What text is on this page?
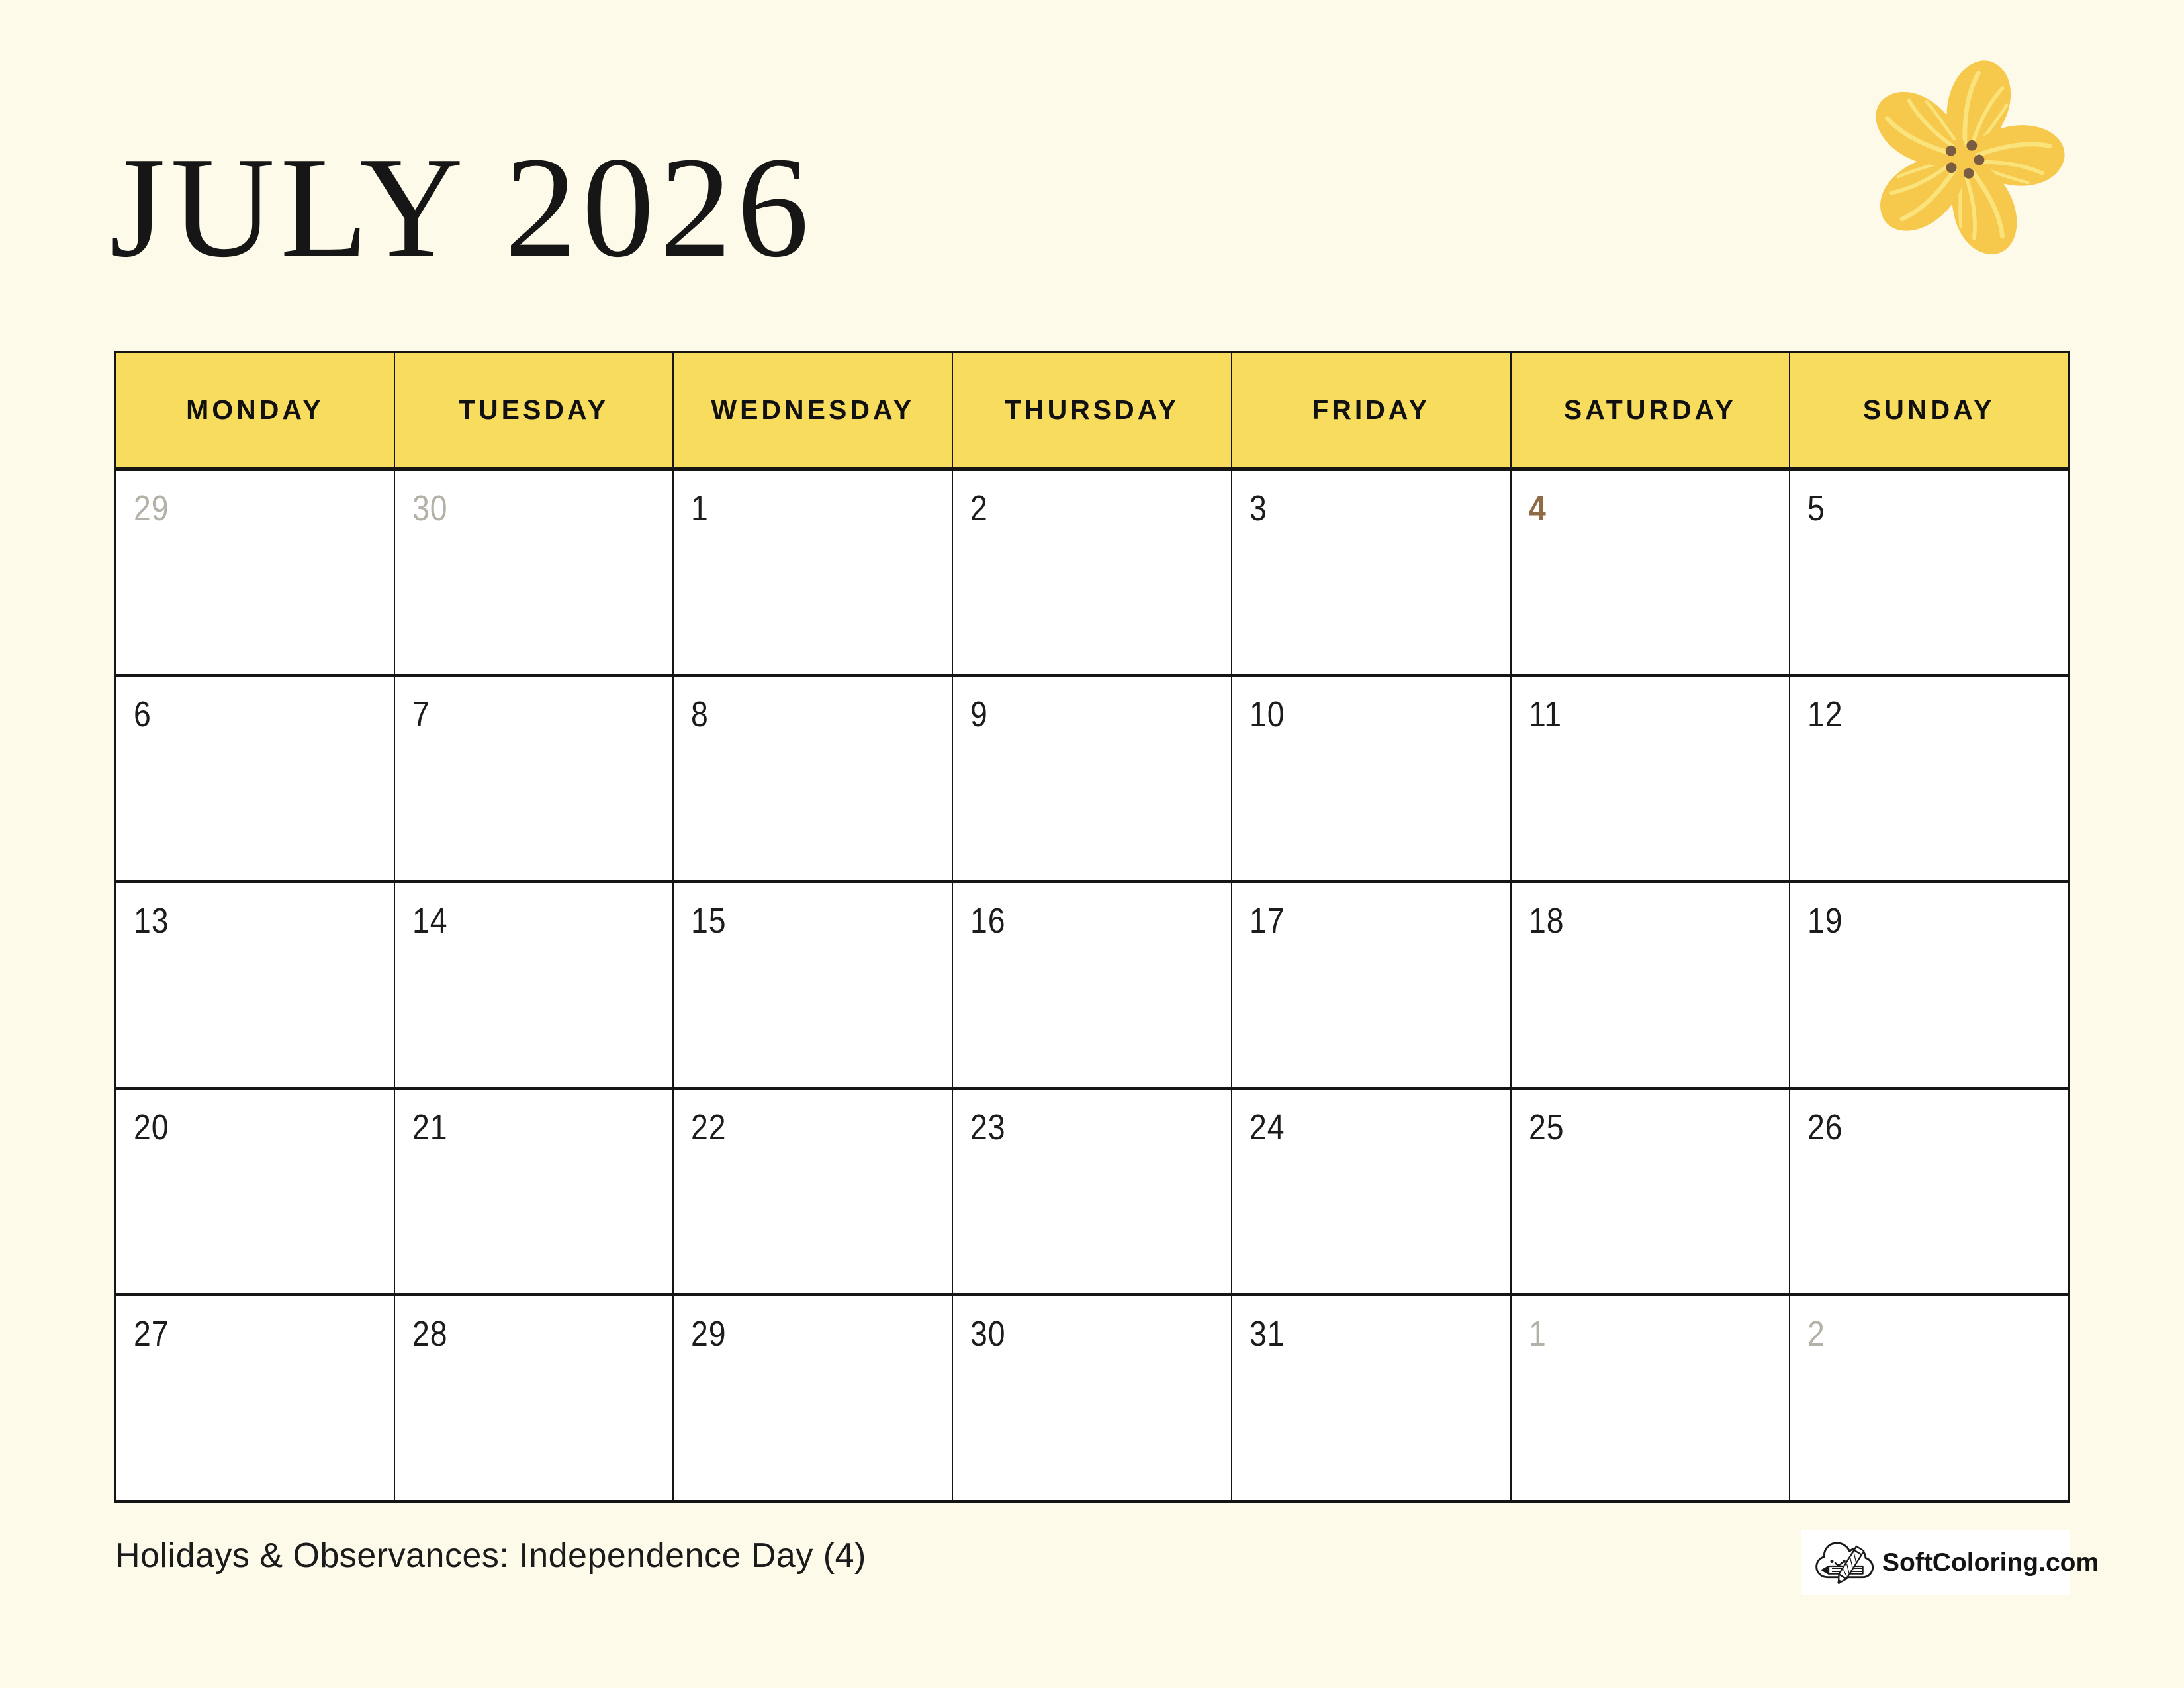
JULY 2026
MONDAY	TUESDAY	WEDNESDAY	THURSDAY	FRIDAY	SATURDAY	SUNDAY
29	30	1	2	3	4	5
6	7	8	9	10	11	12
13	14	15	16	17	18	19
20	21	22	23	24	25	26
27	28	29	30	31	1	2
Holidays & Observances: Independence Day (4)	SoftColoring.com
